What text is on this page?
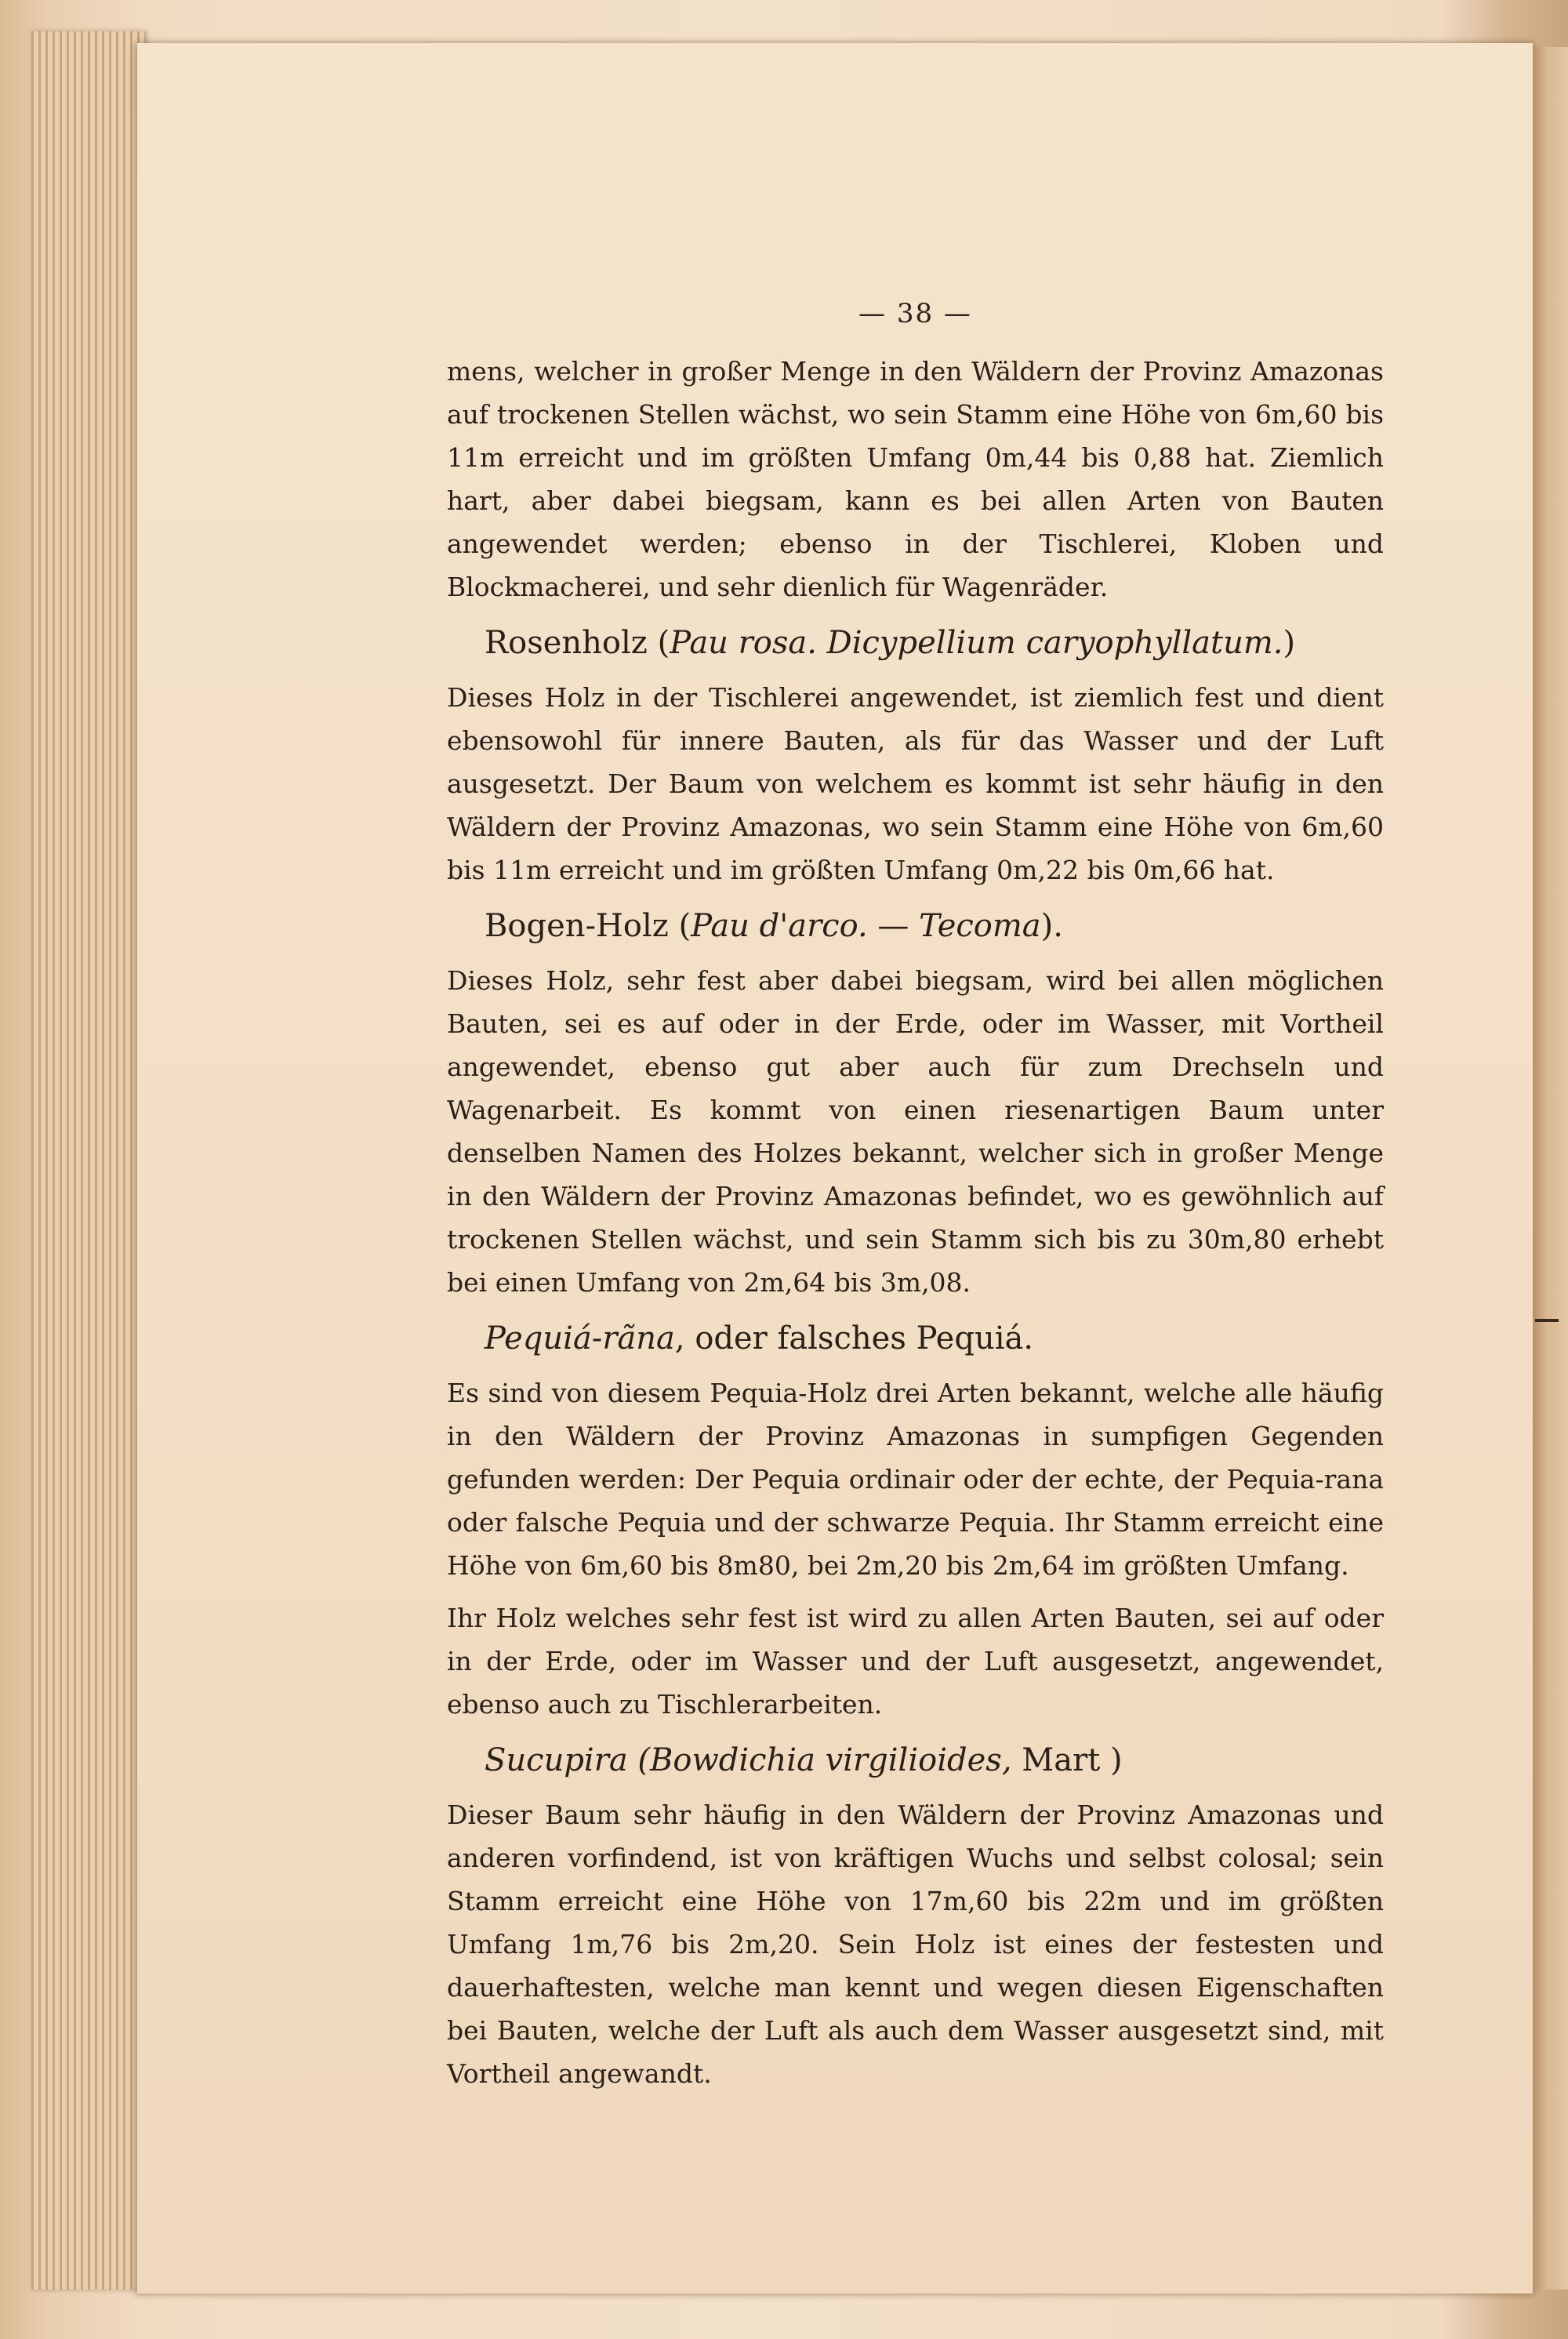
— 38 —

mens, welcher in großer Menge in den Wäldern der Provinz Amazonas auf trockenen Stellen wächst, wo sein Stamm eine Höhe von 6m,60 bis 11m erreicht und im größten Umfang 0m,44 bis 0,88 hat. Ziemlich hart, aber dabei biegsam, kann es bei allen Arten von Bauten angewendet werden; ebenso in der Tischlerei, Kloben und Blockmacherei, und sehr dienlich für Wagenräder.

Rosenholz (Pau rosa. Dicypellium caryophyllatum.)

Dieses Holz in der Tischlerei angewendet, ist ziemlich fest und dient ebensowohl für innere Bauten, als für das Wasser und der Luft ausgesetzt. Der Baum von welchem es kommt ist sehr häufig in den Wäldern der Provinz Amazonas, wo sein Stamm eine Höhe von 6m,60 bis 11m erreicht und im größten Umfang 0m,22 bis 0m,66 hat.

Bogen-Holz (Pau d'arco. — Tecoma).

Dieses Holz, sehr fest aber dabei biegsam, wird bei allen möglichen Bauten, sei es auf oder in der Erde, oder im Wasser, mit Vortheil angewendet, ebenso gut aber auch für zum Drechseln und Wagenarbeit. Es kommt von einen riesenartigen Baum unter denselben Namen des Holzes bekannt, welcher sich in großer Menge in den Wäldern der Provinz Amazonas befindet, wo es gewöhnlich auf trockenen Stellen wächst, und sein Stamm sich bis zu 30m,80 erhebt bei einen Umfang von 2m,64 bis 3m,08.

Pequiá-rãna, oder falsches Pequiá.

Es sind von diesem Pequia-Holz drei Arten bekannt, welche alle häufig in den Wäldern der Provinz Amazonas in sumpfigen Gegenden gefunden werden: Der Pequia ordinair oder der echte, der Pequia-rana oder falsche Pequia und der schwarze Pequia. Ihr Stamm erreicht eine Höhe von 6m,60 bis 8m80, bei 2m,20 bis 2m,64 im größten Umfang.

Ihr Holz welches sehr fest ist wird zu allen Arten Bauten, sei auf oder in der Erde, oder im Wasser und der Luft ausgesetzt, angewendet, ebenso auch zu Tischlerarbeiten.

Sucupira (Bowdichia virgilioides, Mart )

Dieser Baum sehr häufig in den Wäldern der Provinz Amazonas und anderen vorfindend, ist von kräftigen Wuchs und selbst colosal; sein Stamm erreicht eine Höhe von 17m,60 bis 22m und im größten Umfang 1m,76 bis 2m,20. Sein Holz ist eines der festesten und dauerhaftesten, welche man kennt und wegen diesen Eigenschaften bei Bauten, welche der Luft als auch dem Wasser ausgesetzt sind, mit Vortheil angewandt.
